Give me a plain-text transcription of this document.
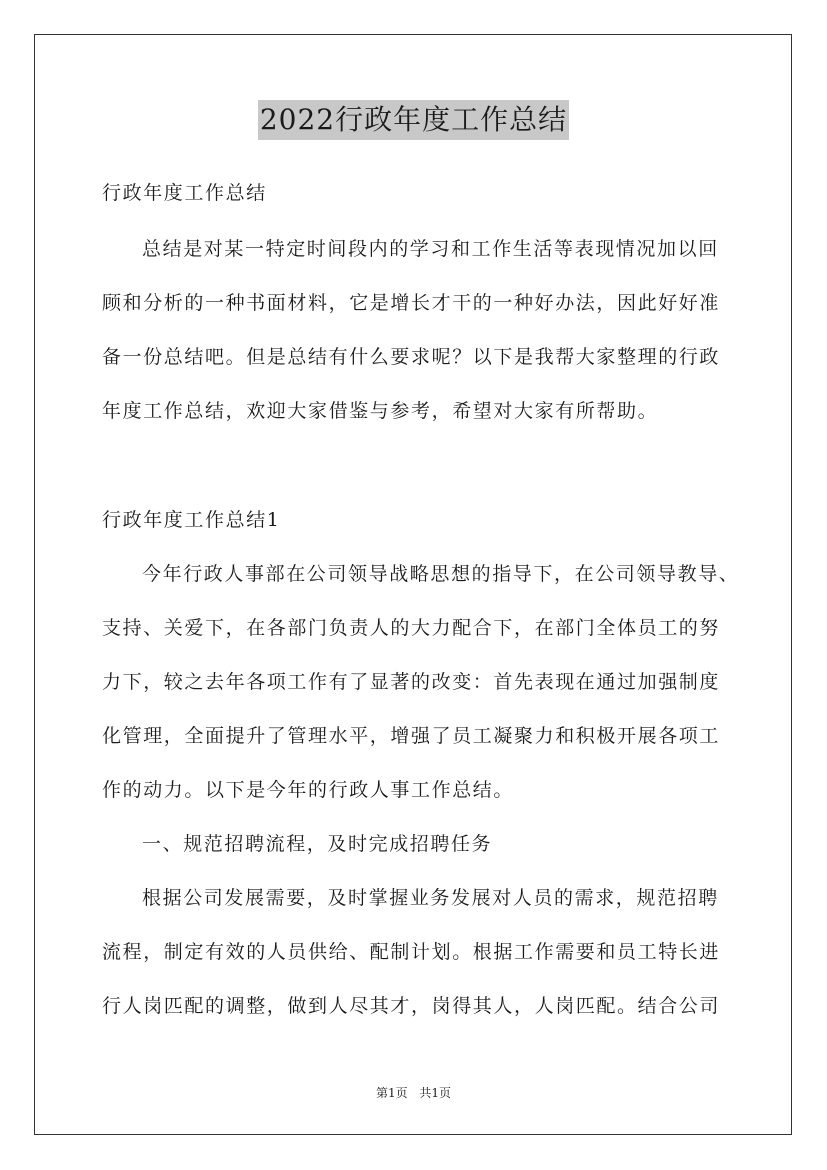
2022行政年度工作总结
行政年度工作总结
总结是对某一特定时间段内的学习和工作生活等表现情况加以回
顾和分析的一种书面材料，它是增长才干的一种好办法，因此好好准
备一份总结吧。但是总结有什么要求呢？以下是我帮大家整理的行政
年度工作总结，欢迎大家借鉴与参考，希望对大家有所帮助。
行政年度工作总结1
今年行政人事部在公司领导战略思想的指导下，在公司领导教导、
支持、关爱下，在各部门负责人的大力配合下，在部门全体员工的努
力下，较之去年各项工作有了显著的改变：首先表现在通过加强制度
化管理，全面提升了管理水平，增强了员工凝聚力和积极开展各项工
作的动力。以下是今年的行政人事工作总结。
一、规范招聘流程，及时完成招聘任务
根据公司发展需要，及时掌握业务发展对人员的需求，规范招聘
流程，制定有效的人员供给、配制计划。根据工作需要和员工特长进
行人岗匹配的调整，做到人尽其才，岗得其人，人岗匹配。结合公司
第1页 共1页
